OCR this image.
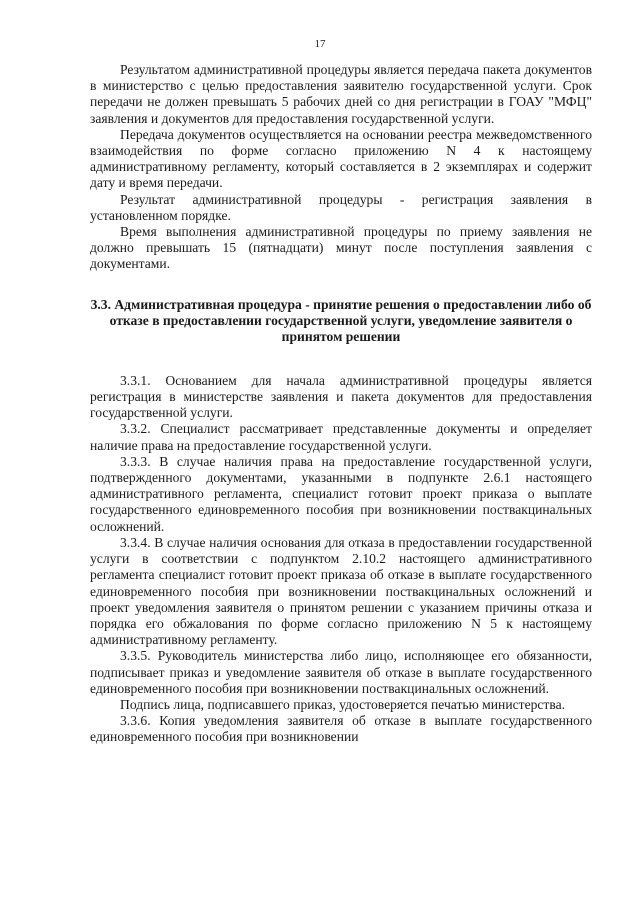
17

Результатом административной процедуры является передача пакета документов в министерство с целью предоставления заявителю государственной услуги. Срок передачи не должен превышать 5 рабочих дней со дня регистрации в ГОАУ "МФЦ" заявления и документов для предоставления государственной услуги.

Передача документов осуществляется на основании реестра межведомственного взаимодействия по форме согласно приложению N 4 к настоящему административному регламенту, который составляется в 2 экземплярах и содержит дату и время передачи.

Результат административной процедуры - регистрация заявления в установленном порядке.

Время выполнения административной процедуры по приему заявления не должно превышать 15 (пятнадцати) минут после поступления заявления с документами.

3.3. Административная процедура - принятие решения о предоставлении либо об отказе в предоставлении государственной услуги, уведомление заявителя о принятом решении

3.3.1. Основанием для начала административной процедуры является регистрация в министерстве заявления и пакета документов для предоставления государственной услуги.

3.3.2. Специалист рассматривает представленные документы и определяет наличие права на предоставление государственной услуги.

3.3.3. В случае наличия права на предоставление государственной услуги, подтвержденного документами, указанными в подпункте 2.6.1 настоящего административного регламента, специалист готовит проект приказа о выплате государственного единовременного пособия при возникновении поствакцинальных осложнений.

3.3.4. В случае наличия основания для отказа в предоставлении государственной услуги в соответствии с подпунктом 2.10.2 настоящего административного регламента специалист готовит проект приказа об отказе в выплате государственного единовременного пособия при возникновении поствакцинальных осложнений и проект уведомления заявителя о принятом решении с указанием причины отказа и порядка его обжалования по форме согласно приложению N 5 к настоящему административному регламенту.

3.3.5. Руководитель министерства либо лицо, исполняющее его обязанности, подписывает приказ и уведомление заявителя об отказе в выплате государственного единовременного пособия при возникновении поствакцинальных осложнений.

Подпись лица, подписавшего приказ, удостоверяется печатью министерства.

3.3.6. Копия уведомления заявителя об отказе в выплате государственного единовременного пособия при возникновении
